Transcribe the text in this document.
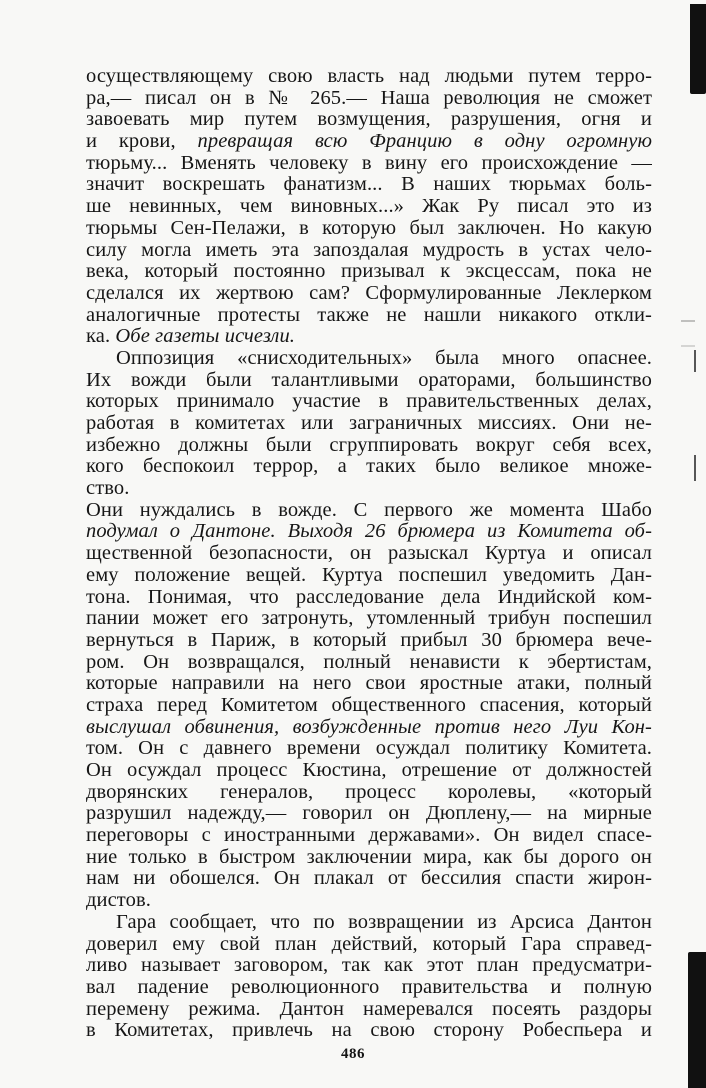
осуществляющему свою власть над людьми путем терро-
ра,— писал он в № 265.— Наша революция не сможет
завоевать мир путем возмущения, разрушения, огня и
и крови, превращая всю Францию в одну огромную
тюрьму... Вменять человеку в вину его происхождение —
значит воскрешать фанатизм... В наших тюрьмах боль-
ше невинных, чем виновных...» Жак Ру писал это из
тюрьмы Сен-Пелажи, в которую был заключен. Но какую
силу могла иметь эта запоздалая мудрость в устах чело-
века, который постоянно призывал к эксцессам, пока не
сделался их жертвою сам? Сформулированные Леклерком
аналогичные протесты также не нашли никакого откли-
ка. Обе газеты исчезли.
Оппозиция «снисходительных» была много опаснее.
Их вожди были талантливыми ораторами, большинство
которых принимало участие в правительственных делах,
работая в комитетах или заграничных миссиях. Они не-
избежно должны были сгруппировать вокруг себя всех,
кого беспокоил террор, а таких было великое множе-
ство.
Они нуждались в вожде. С первого же момента Шабо
подумал о Дантоне. Выходя 26 брюмера из Комитета об-
щественной безопасности, он разыскал Куртуа и описал
ему положение вещей. Куртуа поспешил уведомить Дан-
тона. Понимая, что расследование дела Индийской ком-
пании может его затронуть, утомленный трибун поспешил
вернуться в Париж, в который прибыл 30 брюмера вече-
ром. Он возвращался, полный ненависти к эбертистам,
которые направили на него свои яростные атаки, полный
страха перед Комитетом общественного спасения, который
выслушал обвинения, возбужденные против него Луи Кон-
том. Он с давнего времени осуждал политику Комитета.
Он осуждал процесс Кюстина, отрешение от должностей
дворянских генералов, процесс королевы, «который
разрушил надежду,— говорил он Дюплену,— на мирные
переговоры с иностранными державами». Он видел спасе-
ние только в быстром заключении мира, как бы дорого он
нам ни обошелся. Он плакал от бессилия спасти жирон-
дистов.
Гара сообщает, что по возвращении из Арсиса Дантон
доверил ему свой план действий, который Гара справед-
ливо называет заговором, так как этот план предусматри-
вал падение революционного правительства и полную
перемену режима. Дантон намеревался посеять раздоры
в Комитетах, привлечь на свою сторону Робеспьера и
486
